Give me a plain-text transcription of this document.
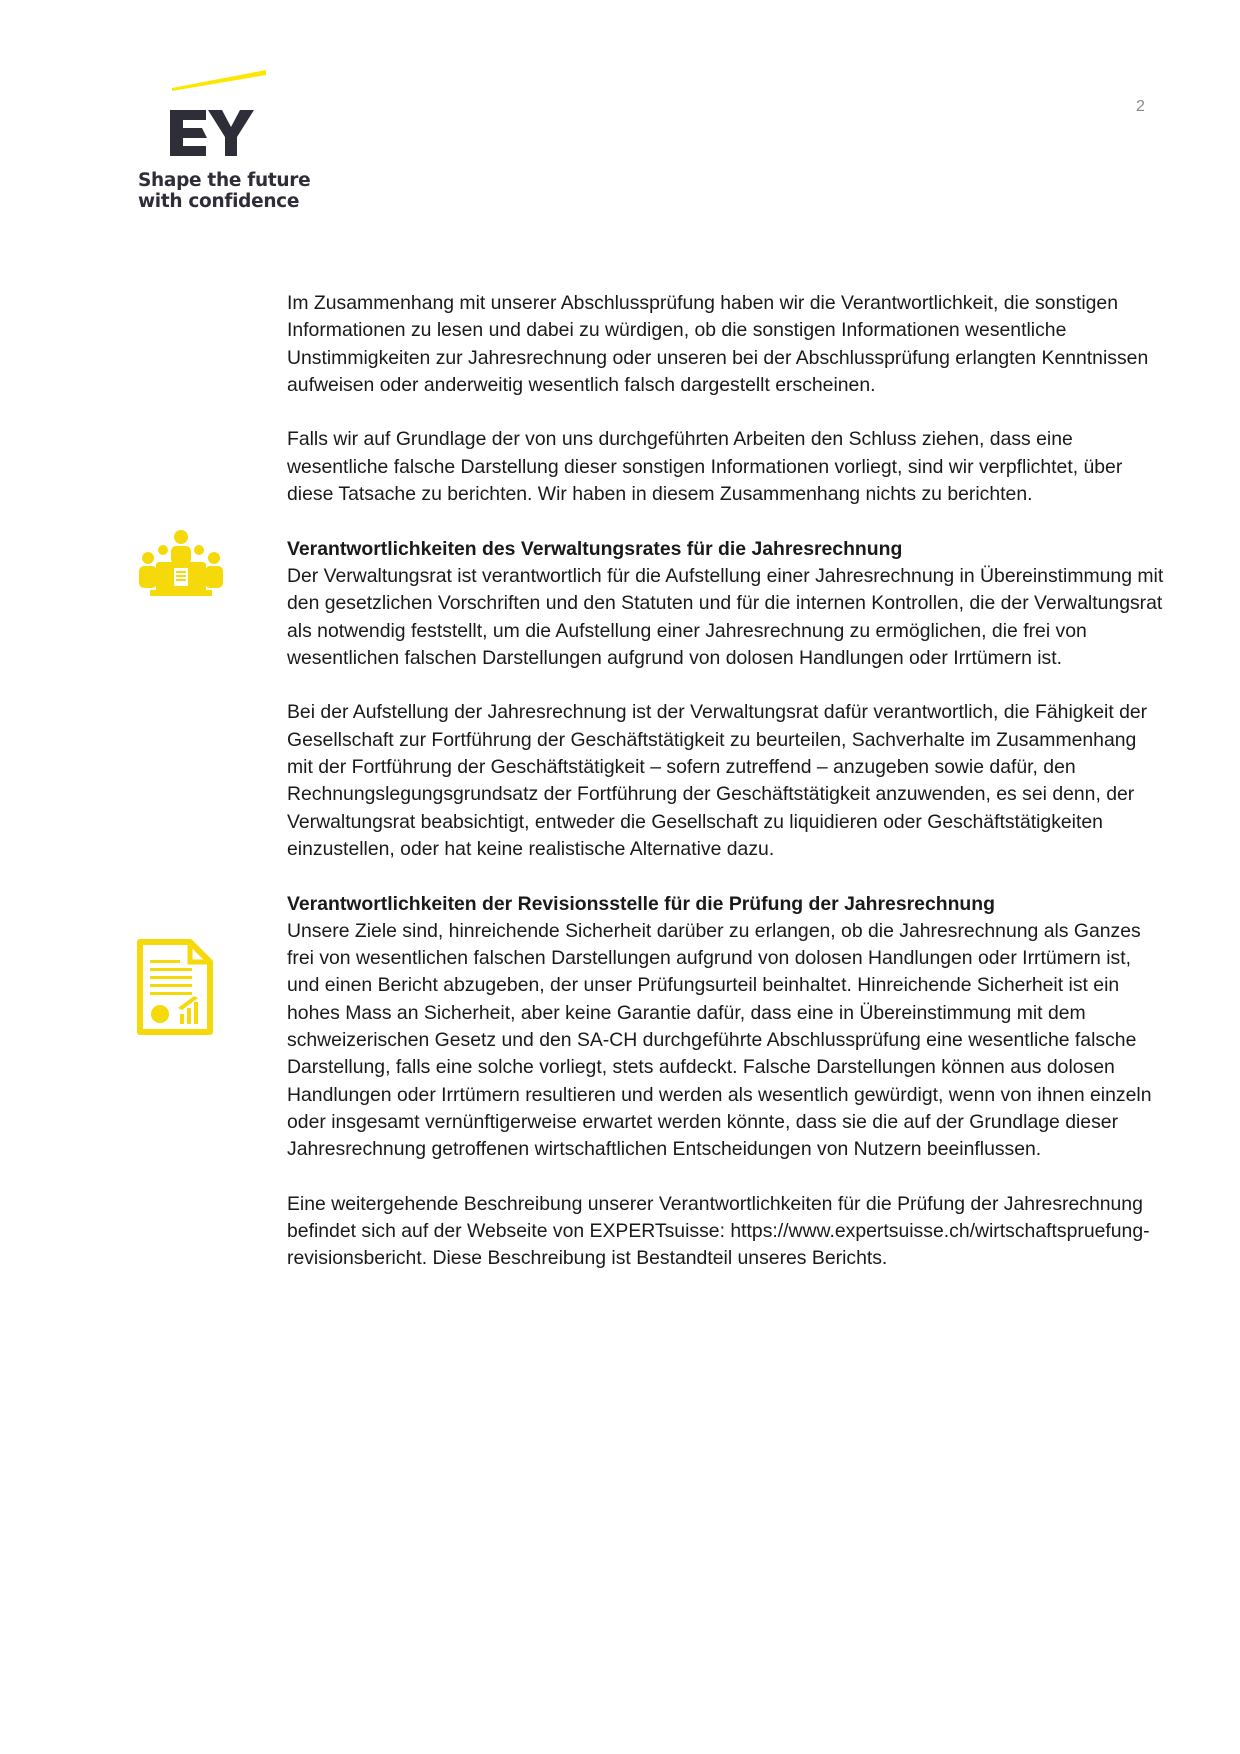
Shape the future
with confidence
2

Im Zusammenhang mit unserer Abschlussprüfung haben wir die Verantwortlichkeit, die sonstigen Informationen zu lesen und dabei zu würdigen, ob die sonstigen Informationen wesentliche Unstimmigkeiten zur Jahresrechnung oder unseren bei der Abschlussprüfung erlangten Kenntnissen aufweisen oder anderweitig wesentlich falsch dargestellt erscheinen.

Falls wir auf Grundlage der von uns durchgeführten Arbeiten den Schluss ziehen, dass eine wesentliche falsche Darstellung dieser sonstigen Informationen vorliegt, sind wir verpflichtet, über diese Tatsache zu berichten. Wir haben in diesem Zusammenhang nichts zu berichten.

Verantwortlichkeiten des Verwaltungsrates für die Jahresrechnung

Der Verwaltungsrat ist verantwortlich für die Aufstellung einer Jahresrechnung in Übereinstimmung mit den gesetzlichen Vorschriften und den Statuten und für die internen Kontrollen, die der Verwaltungsrat als notwendig feststellt, um die Aufstellung einer Jahresrechnung zu ermöglichen, die frei von wesentlichen falschen Darstellungen aufgrund von dolosen Handlungen oder Irrtümern ist.

Bei der Aufstellung der Jahresrechnung ist der Verwaltungsrat dafür verantwortlich, die Fähigkeit der Gesellschaft zur Fortführung der Geschäftstätigkeit zu beurteilen, Sachverhalte im Zusammenhang mit der Fortführung der Geschäftstätigkeit – sofern zutreffend – anzugeben sowie dafür, den Rechnungslegungsgrundsatz der Fortführung der Geschäftstätigkeit anzuwenden, es sei denn, der Verwaltungsrat beabsichtigt, entweder die Gesellschaft zu liquidieren oder Geschäftstätigkeiten einzustellen, oder hat keine realistische Alternative dazu.

Verantwortlichkeiten der Revisionsstelle für die Prüfung der Jahresrechnung

Unsere Ziele sind, hinreichende Sicherheit darüber zu erlangen, ob die Jahresrechnung als Ganzes frei von wesentlichen falschen Darstellungen aufgrund von dolosen Handlungen oder Irrtümern ist, und einen Bericht abzugeben, der unser Prüfungsurteil beinhaltet. Hinreichende Sicherheit ist ein hohes Mass an Sicherheit, aber keine Garantie dafür, dass eine in Übereinstimmung mit dem schweizerischen Gesetz und den SA-CH durchgeführte Abschlussprüfung eine wesentliche falsche Darstellung, falls eine solche vorliegt, stets aufdeckt. Falsche Darstellungen können aus dolosen Handlungen oder Irrtümern resultieren und werden als wesentlich gewürdigt, wenn von ihnen einzeln oder insgesamt vernünftigerweise erwartet werden könnte, dass sie die auf der Grundlage dieser Jahresrechnung getroffenen wirtschaftlichen Entscheidungen von Nutzern beeinflussen.

Eine weitergehende Beschreibung unserer Verantwortlichkeiten für die Prüfung der Jahresrechnung befindet sich auf der Webseite von EXPERTsuisse: https://www.expertsuisse.ch/wirtschaftspruefung-revisionsbericht. Diese Beschreibung ist Bestandteil unseres Berichts.
